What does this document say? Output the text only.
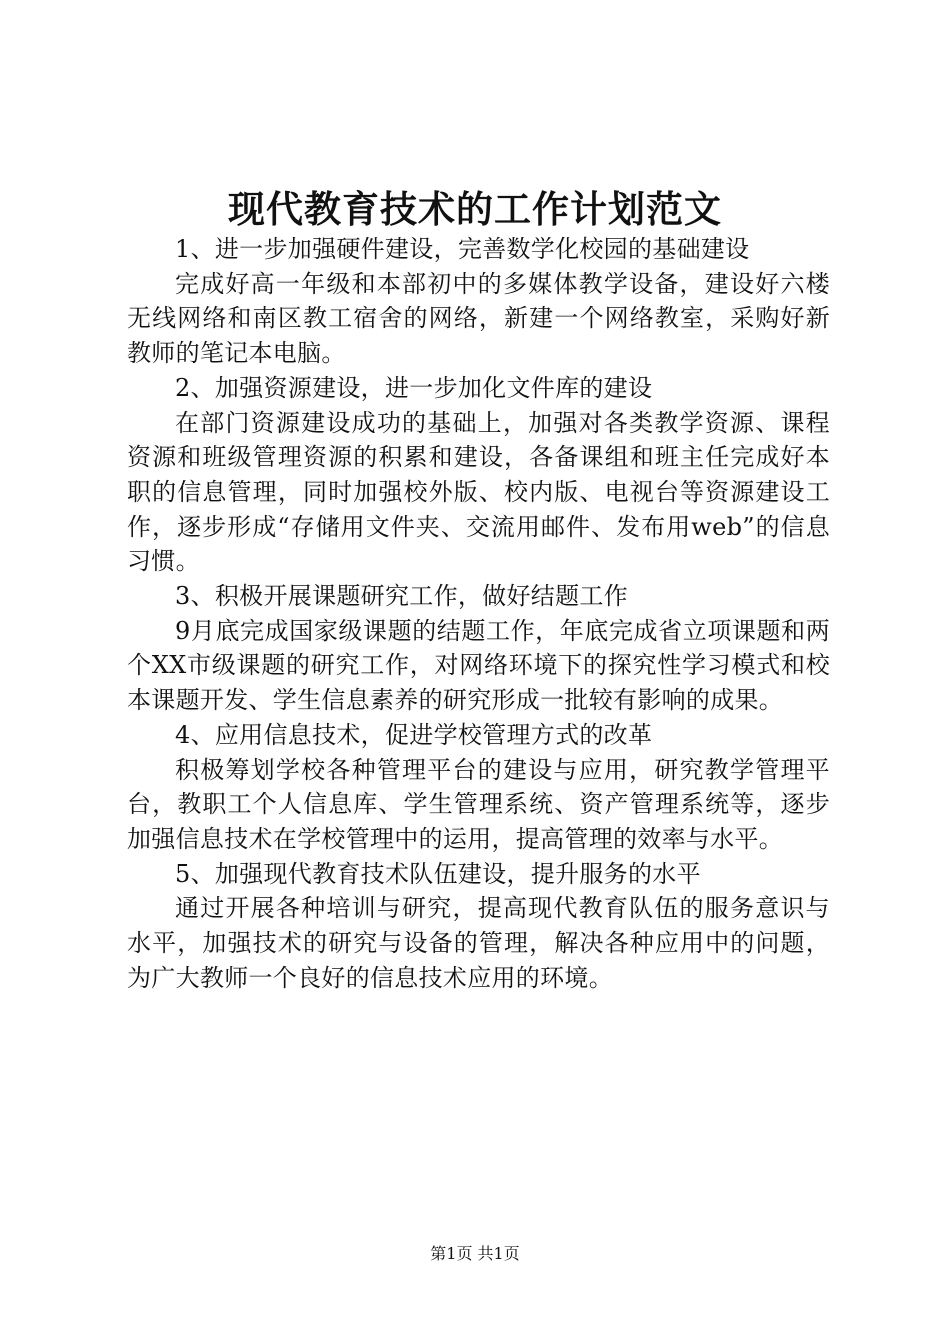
现代教育技术的工作计划范文

1、进一步加强硬件建设，完善数学化校园的基础建设

完成好高一年级和本部初中的多媒体教学设备，建设好六楼无线网络和南区教工宿舍的网络，新建一个网络教室，采购好新教师的笔记本电脑。

2、加强资源建设，进一步加化文件库的建设

在部门资源建设成功的基础上，加强对各类教学资源、课程资源和班级管理资源的积累和建设，各备课组和班主任完成好本职的信息管理，同时加强校外版、校内版、电视台等资源建设工作，逐步形成“存储用文件夹、交流用邮件、发布用web”的信息习惯。

3、积极开展课题研究工作，做好结题工作

9月底完成国家级课题的结题工作，年底完成省立项课题和两个XX市级课题的研究工作，对网络环境下的探究性学习模式和校本课题开发、学生信息素养的研究形成一批较有影响的成果。

4、应用信息技术，促进学校管理方式的改革

积极筹划学校各种管理平台的建设与应用，研究教学管理平台，教职工个人信息库、学生管理系统、资产管理系统等，逐步加强信息技术在学校管理中的运用，提高管理的效率与水平。

5、加强现代教育技术队伍建设，提升服务的水平

通过开展各种培训与研究，提高现代教育队伍的服务意识与水平，加强技术的研究与设备的管理，解决各种应用中的问题，为广大教师一个良好的信息技术应用的环境。

第1页 共1页
